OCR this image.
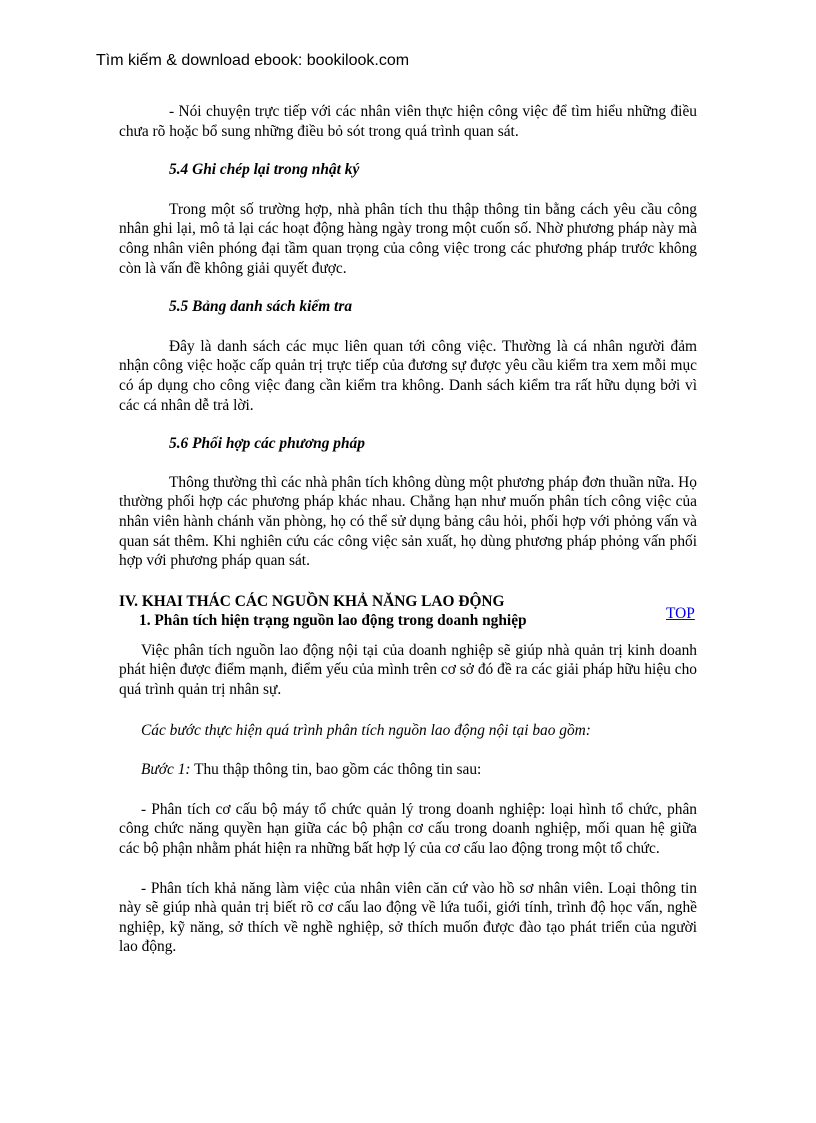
Tìm kiếm & download ebook: bookilook.com
TOP

- Nói chuyện trực tiếp với các nhân viên thực hiện công việc để tìm hiểu những điều chưa rõ hoặc bổ sung những điều bỏ sót trong quá trình quan sát.

5.4 Ghi chép lại trong nhật ký

Trong một số trường hợp, nhà phân tích thu thập thông tin bằng cách yêu cầu công nhân ghi lại, mô tả lại các hoạt động hàng ngày trong một cuốn số. Nhờ phương pháp này mà công nhân viên phóng đại tầm quan trọng của công việc trong các phương pháp trước không còn là vấn đề không giải quyết được.

5.5 Bảng danh sách kiểm tra

Đây là danh sách các mục liên quan tới công việc. Thường là cá nhân người đảm nhận công việc hoặc cấp quản trị trực tiếp của đương sự được yêu cầu kiểm tra xem mỗi mục có áp dụng cho công việc đang cần kiểm tra không. Danh sách kiểm tra rất hữu dụng bởi vì các cá nhân dễ trả lời.

5.6 Phối hợp các phương pháp

Thông thường thì các nhà phân tích không dùng một phương pháp đơn thuần nữa. Họ thường phối hợp các phương pháp khác nhau. Chẳng hạn như muốn phân tích công việc của nhân viên hành chánh văn phòng, họ có thể sử dụng bảng câu hỏi, phối hợp với phỏng vấn và quan sát thêm. Khi nghiên cứu các công việc sản xuất, họ dùng phương pháp phỏng vấn phối hợp với phương pháp quan sát.

IV. KHAI THÁC CÁC NGUỒN KHẢ NĂNG LAO ĐỘNG

1. Phân tích hiện trạng nguồn lao động trong doanh nghiệp

Việc phân tích nguồn lao động nội tại của doanh nghiệp sẽ giúp nhà quản trị kinh doanh phát hiện được điểm mạnh, điểm yếu của mình trên cơ sở đó đề ra các giải pháp hữu hiệu cho quá trình quản trị nhân sự.

Các bước thực hiện quá trình phân tích nguồn lao động nội tại bao gồm:

Bước 1: Thu thập thông tin, bao gồm các thông tin sau:

- Phân tích cơ cấu bộ máy tổ chức quản lý trong doanh nghiệp: loại hình tổ chức, phân công chức năng quyền hạn giữa các bộ phận cơ cấu trong doanh nghiệp, mối quan hệ giữa các bộ phận nhằm phát hiện ra những bất hợp lý của cơ cấu lao động trong một tổ chức.

- Phân tích khả năng làm việc của nhân viên căn cứ vào hồ sơ nhân viên. Loại thông tin này sẽ giúp nhà quản trị biết rõ cơ cấu lao động về lứa tuổi, giới tính, trình độ học vấn, nghề nghiệp, kỹ năng, sở thích về nghề nghiệp, sở thích muốn được đào tạo phát triển của người lao động.
